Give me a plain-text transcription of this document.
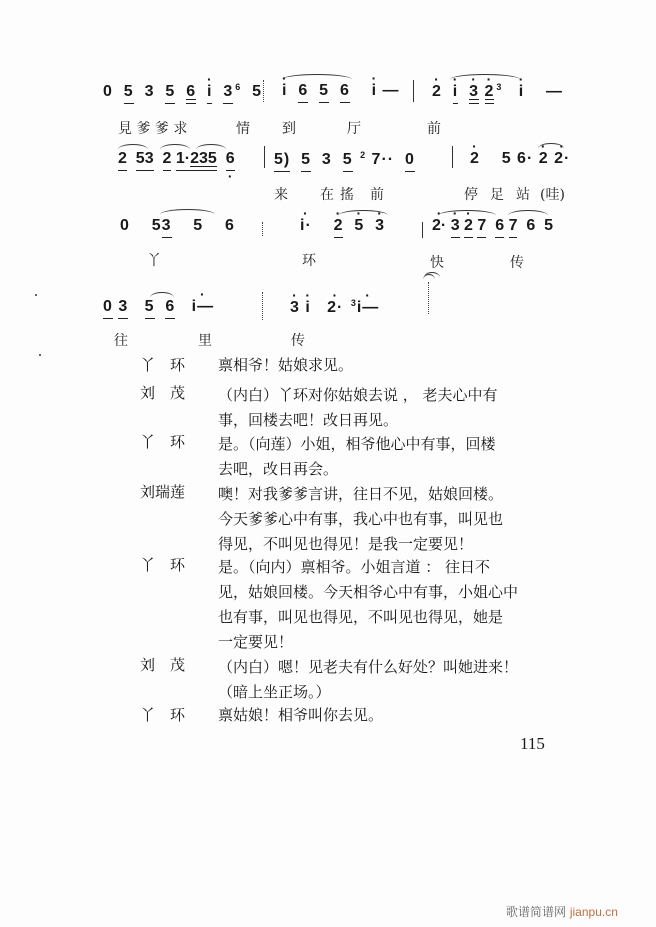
0 5 3 5 6 · i 3 $^6$ 5 · i 6 5 6 · i — · 2 · i · 3 · 2 $^3$ · i —
見 爹 爹 求	情 到	厅	前
2 53 2 1·235 · 6 5) 5 3 5 $^2$ 7·· 0	· 2 5 6· · 2 · 2·
来 在 搖 前	停 足 站 (哇)
0 53 5 6	· i· · 2 · 5 · 3	· 2· · 3 · 2 7 6 7 6 5
丫	环	快	传
0 3 5 6 · i—	· 3 · i · 2· $^3$· i—
往	里	传
丫　环	禀相爷！姑娘求见。
刘　茂	（内白）丫环对你姑娘去说 ， 老夫心中有
事，回楼去吧！改日再见。
丫　环	是。（向莲）小姐，相爷他心中有事，回楼
去吧，改日再会。
刘瑞莲	噢！对我爹爹言讲，往日不见，姑娘回楼。
今天爹爹心中有事，我心中也有事，叫见也
得见，不叫见也得见！是我一定要见！
丫　环	是。（向内）禀相爷。小姐言道 ： 往日不
见，姑娘回楼。今天相爷心中有事，小姐心中
也有事，叫见也得见，不叫见也得见，她是
一定要见！
刘　茂	（内白）嗯！见老夫有什么好处？叫她进来！
（暗上坐正场。）
丫　环	禀姑娘！相爷叫你去见。
115
歌谱简谱网 jianpu.cn
